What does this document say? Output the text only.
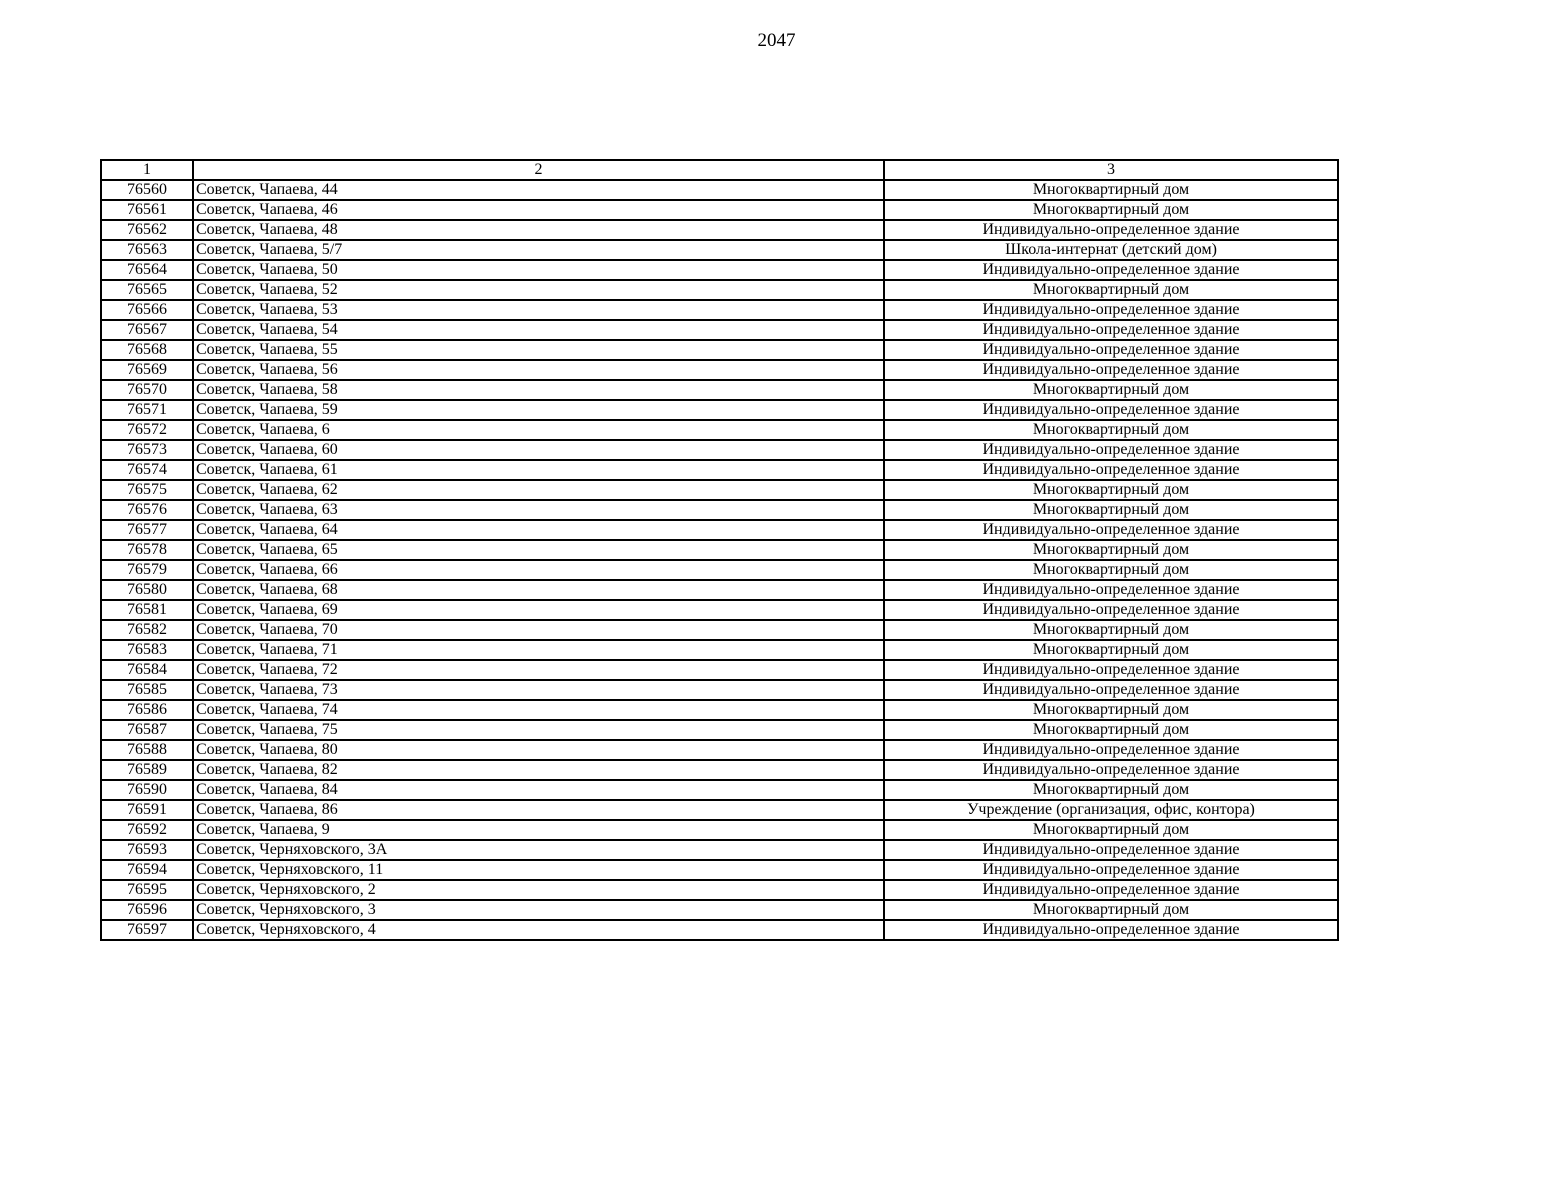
2047
1	2	3
76560	Советск, Чапаева, 44	Многоквартирный дом
76561	Советск, Чапаева, 46	Многоквартирный дом
76562	Советск, Чапаева, 48	Индивидуально-определенное здание
76563	Советск, Чапаева, 5/7	Школа-интернат (детский дом)
76564	Советск, Чапаева, 50	Индивидуально-определенное здание
76565	Советск, Чапаева, 52	Многоквартирный дом
76566	Советск, Чапаева, 53	Индивидуально-определенное здание
76567	Советск, Чапаева, 54	Индивидуально-определенное здание
76568	Советск, Чапаева, 55	Индивидуально-определенное здание
76569	Советск, Чапаева, 56	Индивидуально-определенное здание
76570	Советск, Чапаева, 58	Многоквартирный дом
76571	Советск, Чапаева, 59	Индивидуально-определенное здание
76572	Советск, Чапаева, 6	Многоквартирный дом
76573	Советск, Чапаева, 60	Индивидуально-определенное здание
76574	Советск, Чапаева, 61	Индивидуально-определенное здание
76575	Советск, Чапаева, 62	Многоквартирный дом
76576	Советск, Чапаева, 63	Многоквартирный дом
76577	Советск, Чапаева, 64	Индивидуально-определенное здание
76578	Советск, Чапаева, 65	Многоквартирный дом
76579	Советск, Чапаева, 66	Многоквартирный дом
76580	Советск, Чапаева, 68	Индивидуально-определенное здание
76581	Советск, Чапаева, 69	Индивидуально-определенное здание
76582	Советск, Чапаева, 70	Многоквартирный дом
76583	Советск, Чапаева, 71	Многоквартирный дом
76584	Советск, Чапаева, 72	Индивидуально-определенное здание
76585	Советск, Чапаева, 73	Индивидуально-определенное здание
76586	Советск, Чапаева, 74	Многоквартирный дом
76587	Советск, Чапаева, 75	Многоквартирный дом
76588	Советск, Чапаева, 80	Индивидуально-определенное здание
76589	Советск, Чапаева, 82	Индивидуально-определенное здание
76590	Советск, Чапаева, 84	Многоквартирный дом
76591	Советск, Чапаева, 86	Учреждение (организация, офис, контора)
76592	Советск, Чапаева, 9	Многоквартирный дом
76593	Советск, Черняховского, 3А	Индивидуально-определенное здание
76594	Советск, Черняховского, 11	Индивидуально-определенное здание
76595	Советск, Черняховского, 2	Индивидуально-определенное здание
76596	Советск, Черняховского, 3	Многоквартирный дом
76597	Советск, Черняховского, 4	Индивидуально-определенное здание
